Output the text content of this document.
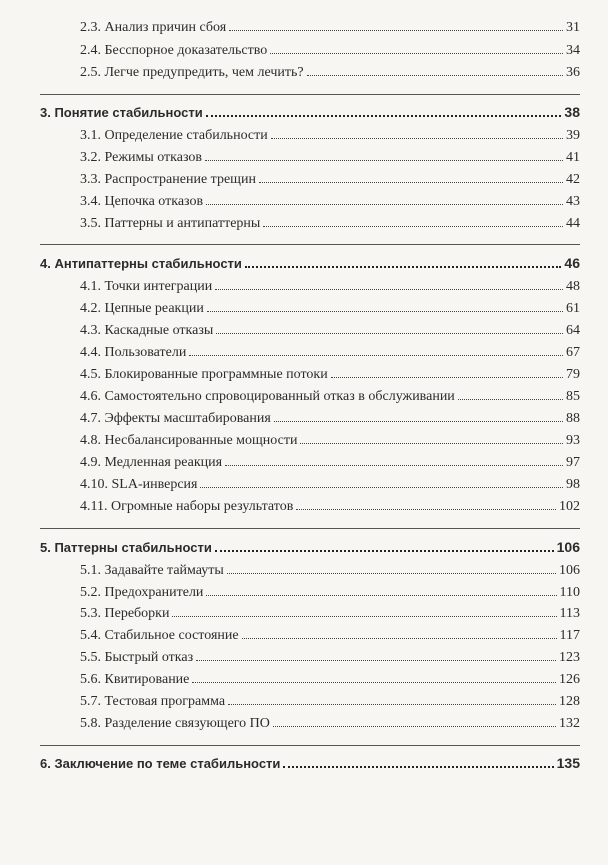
2.3. Анализ причин сбоя	31
2.4. Бесспорное доказательство	34
2.5. Легче предупредить, чем лечить?	36
3. Понятие стабильности	38
3.1. Определение стабильности	39
3.2. Режимы отказов	41
3.3. Распространение трещин	42
3.4. Цепочка отказов	43
3.5. Паттерны и антипаттерны	44
4. Антипаттерны стабильности	46
4.1. Точки интеграции	48
4.2. Цепные реакции	61
4.3. Каскадные отказы	64
4.4. Пользователи	67
4.5. Блокированные программные потоки	79
4.6. Самостоятельно спровоцированный отказ в обслуживании	85
4.7. Эффекты масштабирования	88
4.8. Несбалансированные мощности	93
4.9. Медленная реакция	97
4.10. SLA-инверсия	98
4.11. Огромные наборы результатов	102
5. Паттерны стабильности	106
5.1. Задавайте таймауты	106
5.2. Предохранители	110
5.3. Переборки	113
5.4. Стабильное состояние	117
5.5. Быстрый отказ	123
5.6. Квитирование	126
5.7. Тестовая программа	128
5.8. Разделение связующего ПО	132
6. Заключение по теме стабильности	135
